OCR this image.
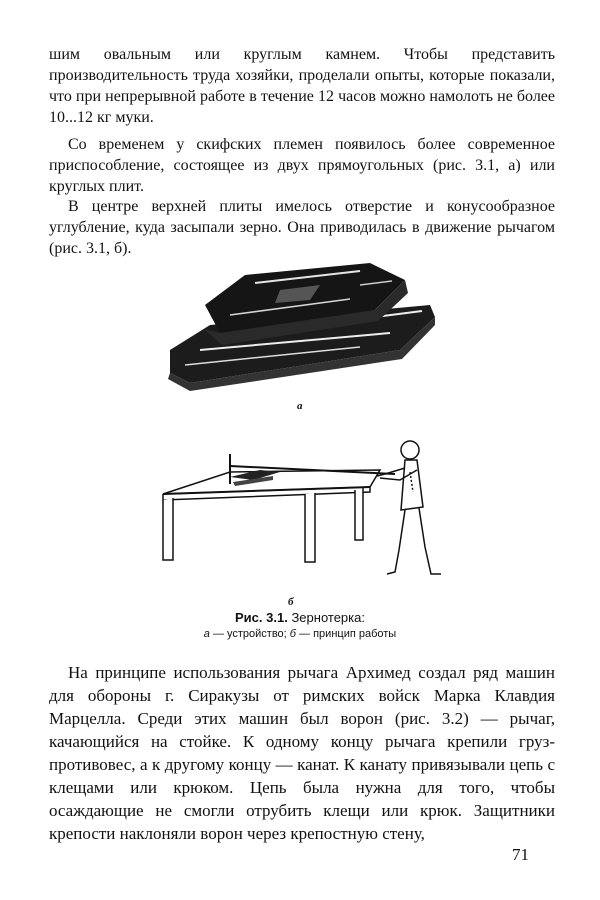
шим овальным или круглым камнем. Чтобы представить производительность труда хозяйки, проделали опыты, которые показали, что при непрерывной работе в течение 12 часов можно намолоть не более 10...12 кг муки.

Со временем у скифских племен появилось более современное приспособление, состоящее из двух прямоугольных (рис. 3.1, а) или круглых плит.

В центре верхней плиты имелось отверстие и конусообразное углубление, куда засыпали зерно. Она приводилась в движение рычагом (рис. 3.1, б).

а
б
Рис. 3.1. Зернотерка:
а — устройство; б — принцип работы

На принципе использования рычага Архимед создал ряд машин для обороны г. Сиракузы от римских войск Марка Клавдия Марцелла. Среди этих машин был ворон (рис. 3.2) — рычаг, качающийся на стойке. К одному концу рычага крепили груз-противовес, а к другому концу — канат. К канату привязывали цепь с клещами или крюком. Цепь была нужна для того, чтобы осаждающие не смогли отрубить клещи или крюк. Защитники крепости наклоняли ворон через крепостную стену,

71
